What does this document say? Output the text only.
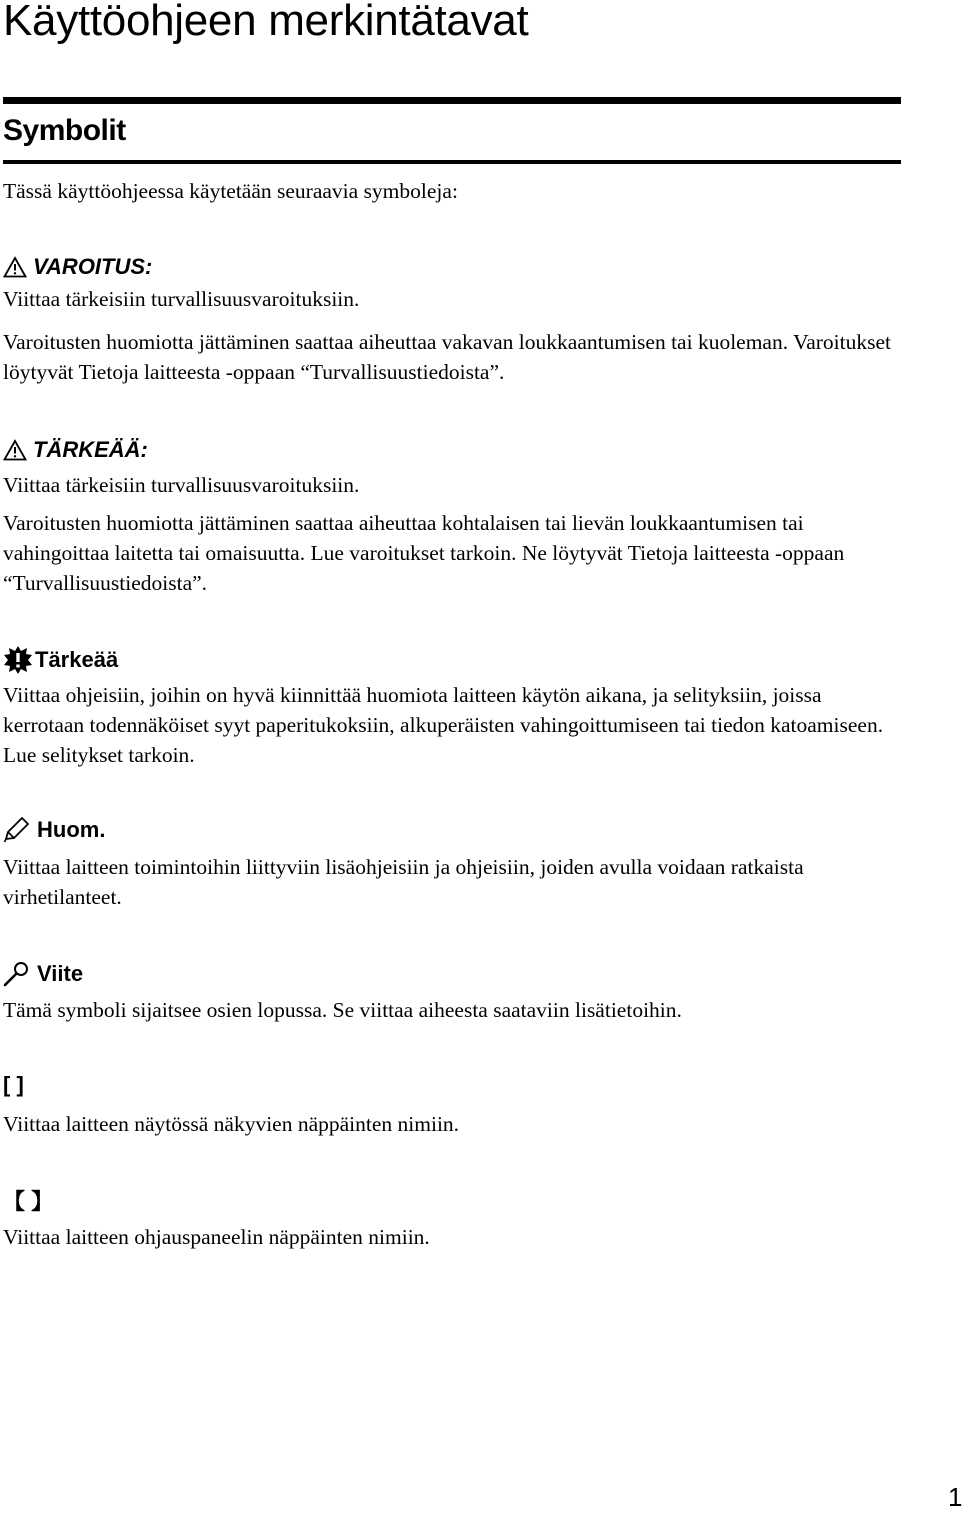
Käyttöohjeen merkintätavat
Symbolit

Tässä käyttöohjeessa käytetään seuraavia symboleja:

VAROITUS:

Viittaa tärkeisiin turvallisuusvaroituksiin.

Varoitusten huomiotta jättäminen saattaa aiheuttaa vakavan loukkaantumisen tai kuoleman. Varoitukset löytyvät Tietoja laitteesta -oppaan “Turvallisuustiedoista”.

TÄRKEÄÄ:

Viittaa tärkeisiin turvallisuusvaroituksiin.

Varoitusten huomiotta jättäminen saattaa aiheuttaa kohtalaisen tai lievän loukkaantumisen tai vahingoittaa laitetta tai omaisuutta. Lue varoitukset tarkoin. Ne löytyvät Tietoja laitteesta -oppaan “Turvallisuustiedoista”.

Tärkeää

Viittaa ohjeisiin, joihin on hyvä kiinnittää huomiota laitteen käytön aikana, ja selityksiin, joissa kerrotaan todennäköiset syyt paperitukoksiin, alkuperäisten vahingoittumiseen tai tiedon katoamiseen. Lue selitykset tarkoin.

Huom.

Viittaa laitteen toimintoihin liittyviin lisäohjeisiin ja ohjeisiin, joiden avulla voidaan ratkaista virhetilanteet.

Viite

Tämä symboli sijaitsee osien lopussa. Se viittaa aiheesta saataviin lisätietoihin.

[ ]

Viittaa laitteen näytössä näkyvien näppäinten nimiin.

【 】

Viittaa laitteen ohjauspaneelin näppäinten nimiin.

1
